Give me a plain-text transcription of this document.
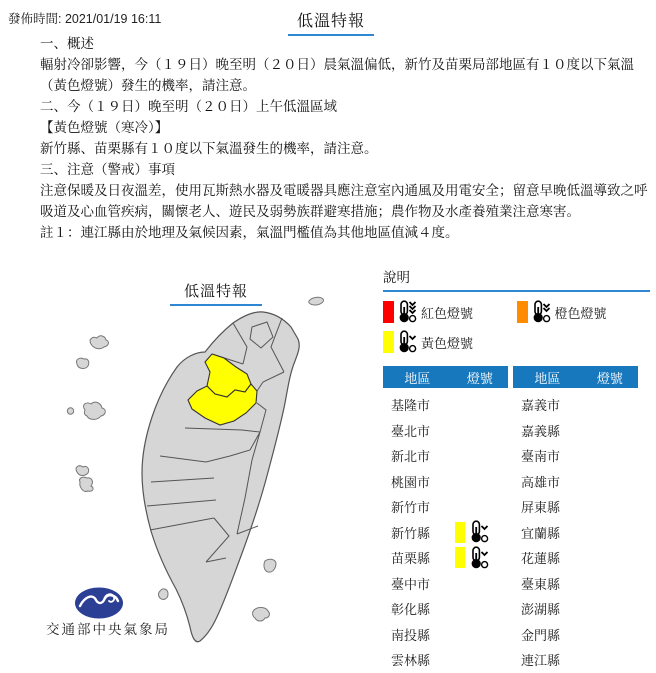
發佈時間: 2021/01/19 16:11	低溫特報

一、概述

輻射冷卻影響，今（１９日）晚至明（２０日）晨氣溫偏低，新竹及苗栗局部地區有１０度以下氣溫（黃色燈號）發生的機率，請注意。

二、今（１９日）晚至明（２０日）上午低溫區域

【黃色燈號（寒冷）】

新竹縣、苗栗縣有１０度以下氣溫發生的機率，請注意。

三、注意（警戒）事項

注意保暖及日夜溫差，使用瓦斯熱水器及電暖器具應注意室內通風及用電安全；留意早晚低溫導致之呼吸道及心血管疾病，關懷老人、遊民及弱勢族群避寒措施；農作物及水產養殖業注意寒害。

註１：連江縣由於地理及氣候因素，氣溫門檻值為其他地區值減４度。

低溫特報
交通部中央氣象局
說明
紅色燈號	橙色燈號
黃色燈號
地區	燈號
基隆市
臺北市
新北市
桃園市
新竹市
新竹縣
苗栗縣
臺中市
彰化縣
南投縣
雲林縣
地區	燈號
嘉義市
嘉義縣
臺南市
高雄市
屏東縣
宜蘭縣
花蓮縣
臺東縣
澎湖縣
金門縣
連江縣
